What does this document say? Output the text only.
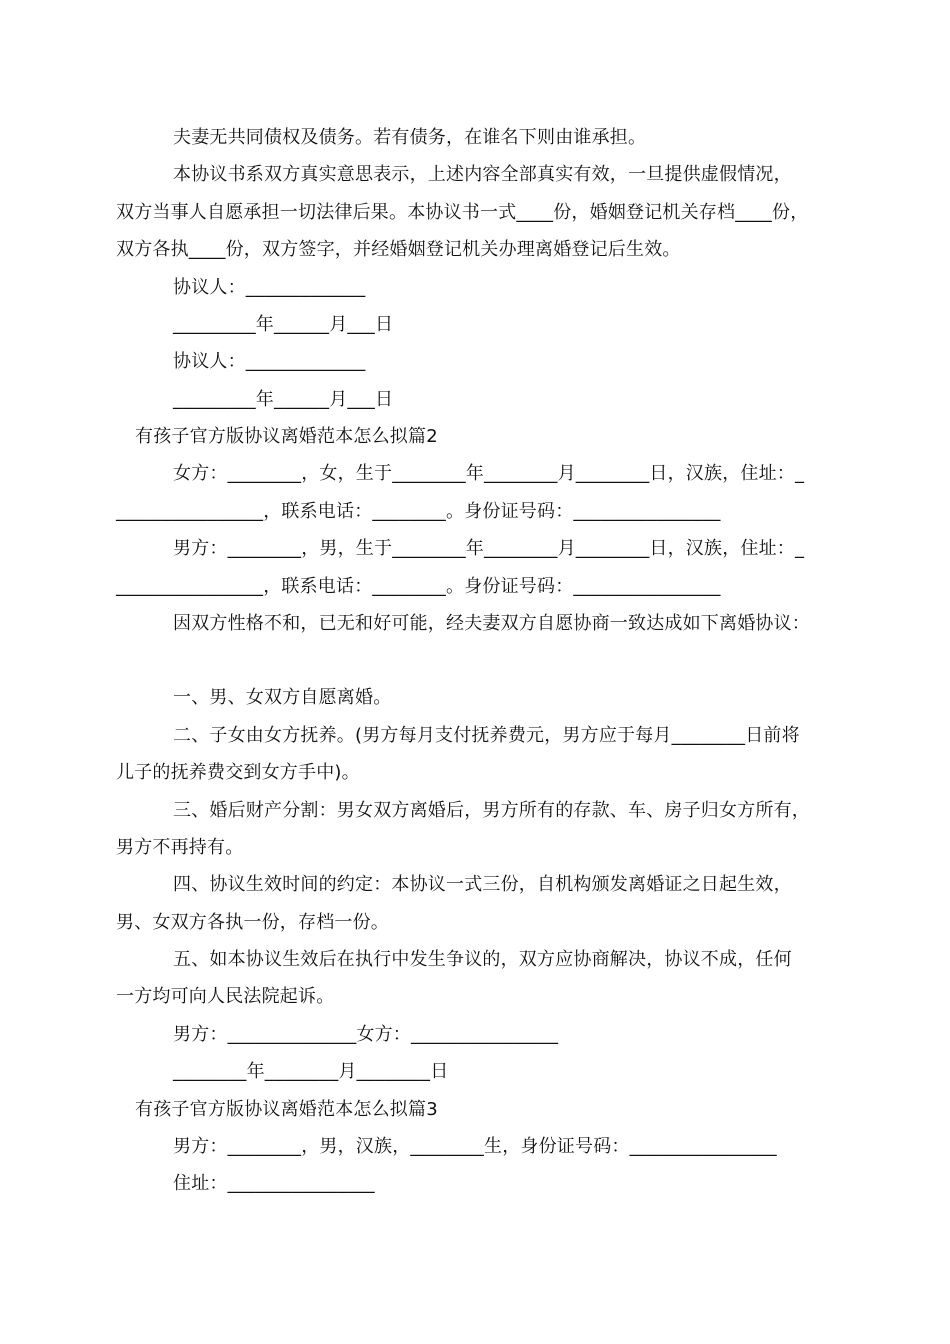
夫妻无共同债权及债务。若有债务，在谁名下则由谁承担。
本协议书系双方真实意思表示，上述内容全部真实有效，一旦提供虚假情况，
双方当事人自愿承担一切法律后果。本协议书一式____份，婚姻登记机关存档____份，
双方各执____份，双方签字，并经婚姻登记机关办理离婚登记后生效。
协议人：_____________
_________年______月___日
协议人：_____________
_________年______月___日
有孩子官方版协议离婚范本怎么拟篇2
女方：________，女，生于________年________月________日，汉族，住址：_
________________，联系电话：________。身份证号码：________________
男方：________，男，生于________年________月________日，汉族，住址：_
________________，联系电话：________。身份证号码：________________
因双方性格不和，已无和好可能，经夫妻双方自愿协商一致达成如下离婚协议：
一、男、女双方自愿离婚。
二、子女由女方抚养。(男方每月支付抚养费元，男方应于每月________日前将
儿子的抚养费交到女方手中)。
三、婚后财产分割：男女双方离婚后，男方所有的存款、车、房子归女方所有，
男方不再持有。
四、协议生效时间的约定：本协议一式三份，自机构颁发离婚证之日起生效，
男、女双方各执一份，存档一份。
五、如本协议生效后在执行中发生争议的，双方应协商解决，协议不成，任何
一方均可向人民法院起诉。
男方：______________女方：________________
________年________月________日
有孩子官方版协议离婚范本怎么拟篇3
男方：________，男，汉族，________生，身份证号码：________________
住址：________________
